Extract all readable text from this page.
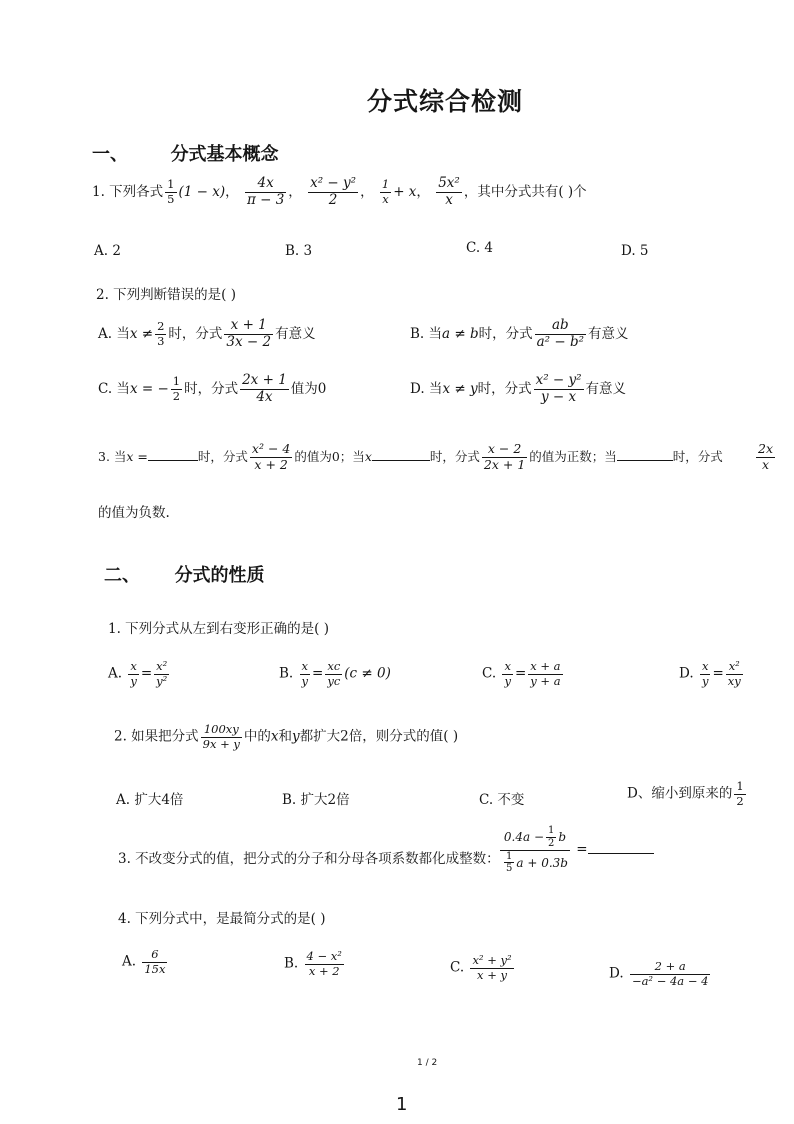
分式综合检测
一、 分式基本概念
1. 下列各式 $\frac{1}{5} (1 - x)$， $\frac{4x}{\pi - 3}$ ， $\frac{\text{x² − y²}}{2}$ ， $\frac{1}{x} + x$， $\frac{\text{5x²}}{x}$ ，其中分式共有( )个
A. 2	B. 3	C. 4	D. 5
2. 下列判断错误的是( )
A. 当$x \ne \frac{2}{3}$ 时，分式 $\frac{x + 1}{3x - 2}$ 有意义	B. 当a ≠ b时，分式 $\frac{ab}{\text{a² − b²}}$ 有意义
C. 当x = − $\frac{1}{2}$ 时，分式 $\frac{2x + 1}{4x}$ 值为0	D. 当x ≠ y时，分式 $\frac{\text{x² − y²}}{y - x}$ 有意义
3. 当x =	时，分式 $\frac{\text{x² − 4}}{x + 2}$ 的值为0；当x	时，分式 $\frac{x - 2}{2x + 1}$ 的值为正数；当	时，分式	$\frac{2x}{x}$
的值为负数.
二、 分式的性质
1. 下列分式从左到右变形正确的是( )
A. $\frac{x}{y} = \frac{\text{x²}}{\text{y²}}$	B. $\frac{x}{y} = \frac{xc}{yc} (c \ne 0)$	C. $\frac{x}{y} = \frac{x + a}{y + a}$	D. $\frac{x}{y} = \frac{\text{x²}}{xy}$
2. 如果把分式 $\frac{100xy}{9x + y}$ 中的x和y都扩大2倍，则分式的值( )
A. 扩大4倍	B. 扩大2倍	C. 不变	D、缩小到原来的 $\frac{1}{2}$
3. 不改变分式的值，把分式的分子和分母各项系数都化成整数： $\frac{0.4a - \frac{1}{2} b}{\frac{1}{5} a + 0.3b}$ =
4. 下列分式中，是最简分式的是( )
A. $\frac{6}{15x}$	B. $\frac{\text{4 − x²}}{x + 2}$	C. $\frac{\text{x² + y²}}{x + y}$	D. $\frac{2 + a}{\text{−a² − 4a − 4}}$
1 / 2
1
